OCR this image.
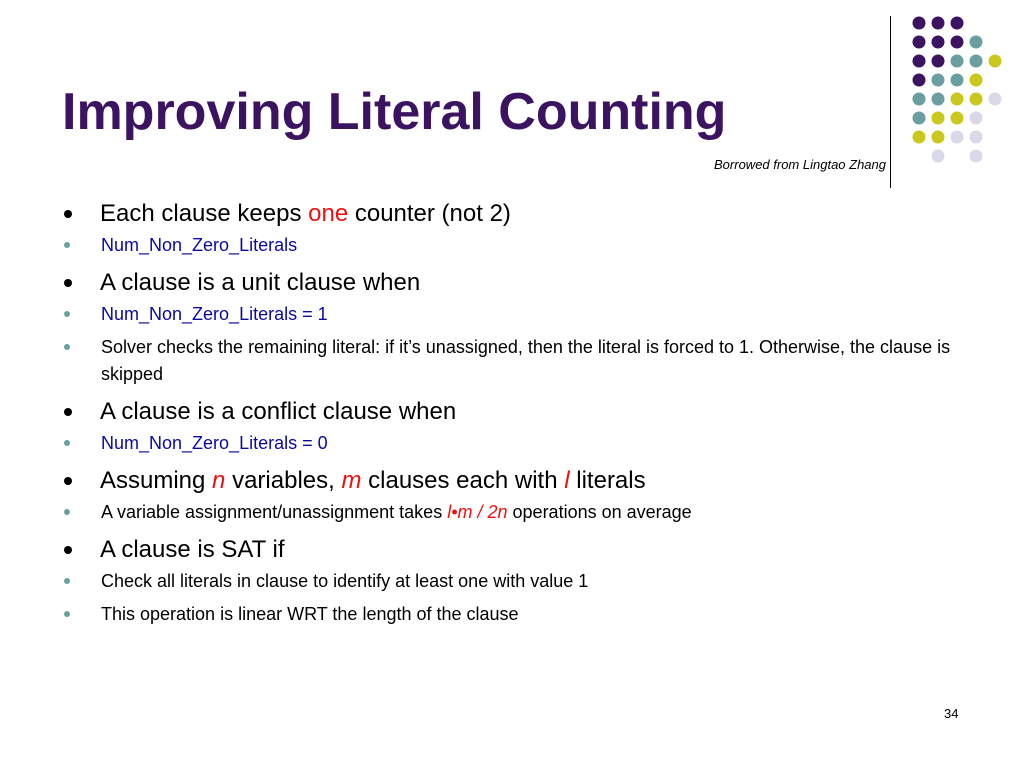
Improving Literal Counting
Borrowed from Lingtao Zhang
Each clause keeps one counter (not 2)
Num_Non_Zero_Literals
A clause is a unit clause when
Num_Non_Zero_Literals = 1
Solver checks the remaining literal: if it’s unassigned, then the literal is forced to 1. Otherwise, the clause is skipped
A clause is a conflict clause when
Num_Non_Zero_Literals = 0
Assuming n variables, m clauses each with l literals
A variable assignment/unassignment takes l•m / 2n operations on average
A clause is SAT if
Check all literals in clause to identify at least one with value 1
This operation is linear WRT the length of the clause
34
